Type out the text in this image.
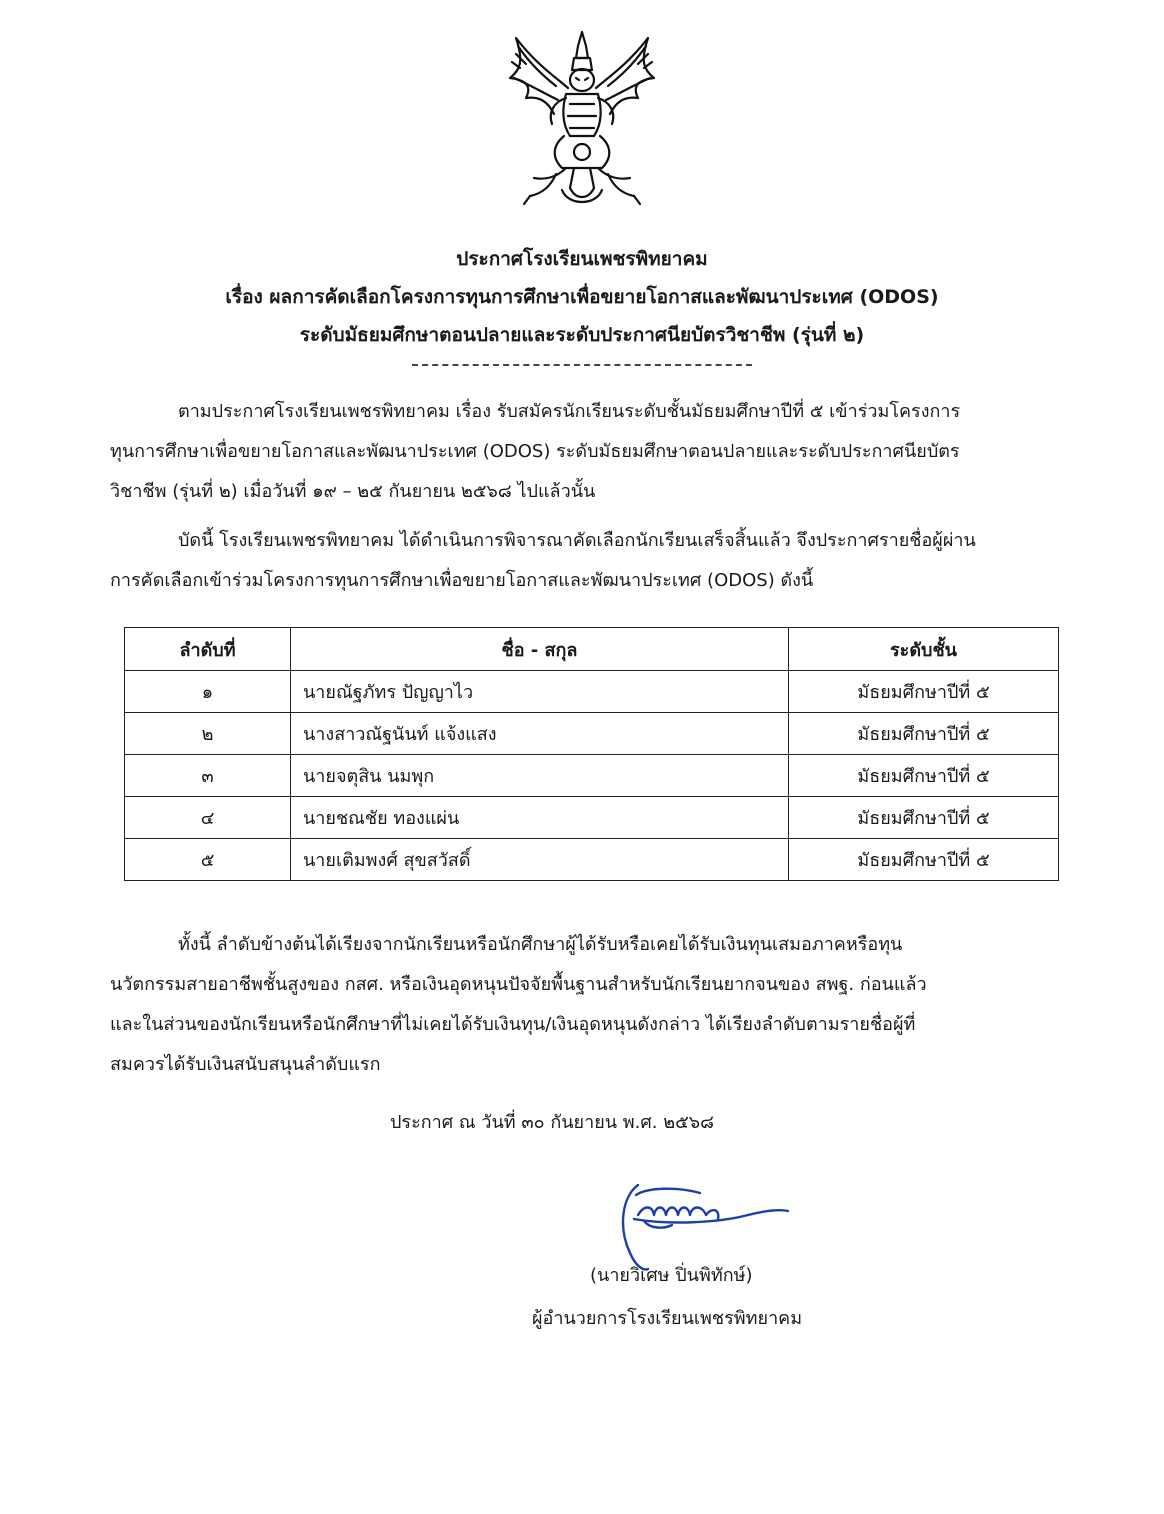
ประกาศโรงเรียนเพชรพิทยาคม
เรื่อง ผลการคัดเลือกโครงการทุนการศึกษาเพื่อขยายโอกาสและพัฒนาประเทศ (ODOS)
ระดับมัธยมศึกษาตอนปลายและระดับประกาศนียบัตรวิชาชีพ (รุ่นที่ ๒)

ตามประกาศโรงเรียนเพชรพิทยาคม เรื่อง รับสมัครนักเรียนระดับชั้นมัธยมศึกษาปีที่ ๕ เข้าร่วมโครงการ
ทุนการศึกษาเพื่อขยายโอกาสและพัฒนาประเทศ (ODOS) ระดับมัธยมศึกษาตอนปลายและระดับประกาศนียบัตร
วิชาชีพ (รุ่นที่ ๒) เมื่อวันที่ ๑๙ – ๒๕ กันยายน ๒๕๖๘ ไปแล้วนั้น

บัดนี้ โรงเรียนเพชรพิทยาคม ได้ดำเนินการพิจารณาคัดเลือกนักเรียนเสร็จสิ้นแล้ว จึงประกาศรายชื่อผู้ผ่าน
การคัดเลือกเข้าร่วมโครงการทุนการศึกษาเพื่อขยายโอกาสและพัฒนาประเทศ (ODOS) ดังนี้

ลำดับที่	ชื่อ - สกุล	ระดับชั้น
๑	นายณัฐภัทร ปัญญาไว	มัธยมศึกษาปีที่ ๕
๒	นางสาวณัฐนันท์ แจ้งแสง	มัธยมศึกษาปีที่ ๕
๓	นายจตุสิน นมพุก	มัธยมศึกษาปีที่ ๕
๔	นายชณชัย ทองแผ่น	มัธยมศึกษาปีที่ ๕
๕	นายเติมพงศ์ สุขสวัสดิ์	มัธยมศึกษาปีที่ ๕

ทั้งนี้ ลำดับข้างต้นได้เรียงจากนักเรียนหรือนักศึกษาผู้ได้รับหรือเคยได้รับเงินทุนเสมอภาคหรือทุน
นวัตกรรมสายอาชีพชั้นสูงของ กสศ. หรือเงินอุดหนุนปัจจัยพื้นฐานสำหรับนักเรียนยากจนของ สพฐ. ก่อนแล้ว
และในส่วนของนักเรียนหรือนักศึกษาที่ไม่เคยได้รับเงินทุน/เงินอุดหนุนดังกล่าว ได้เรียงลำดับตามรายชื่อผู้ที่
สมควรได้รับเงินสนับสนุนลำดับแรก

ประกาศ ณ วันที่ ๓๐ กันยายน พ.ศ. ๒๕๖๘
(นายวิเศษ ปิ่นพิทักษ์)
ผู้อำนวยการโรงเรียนเพชรพิทยาคม
